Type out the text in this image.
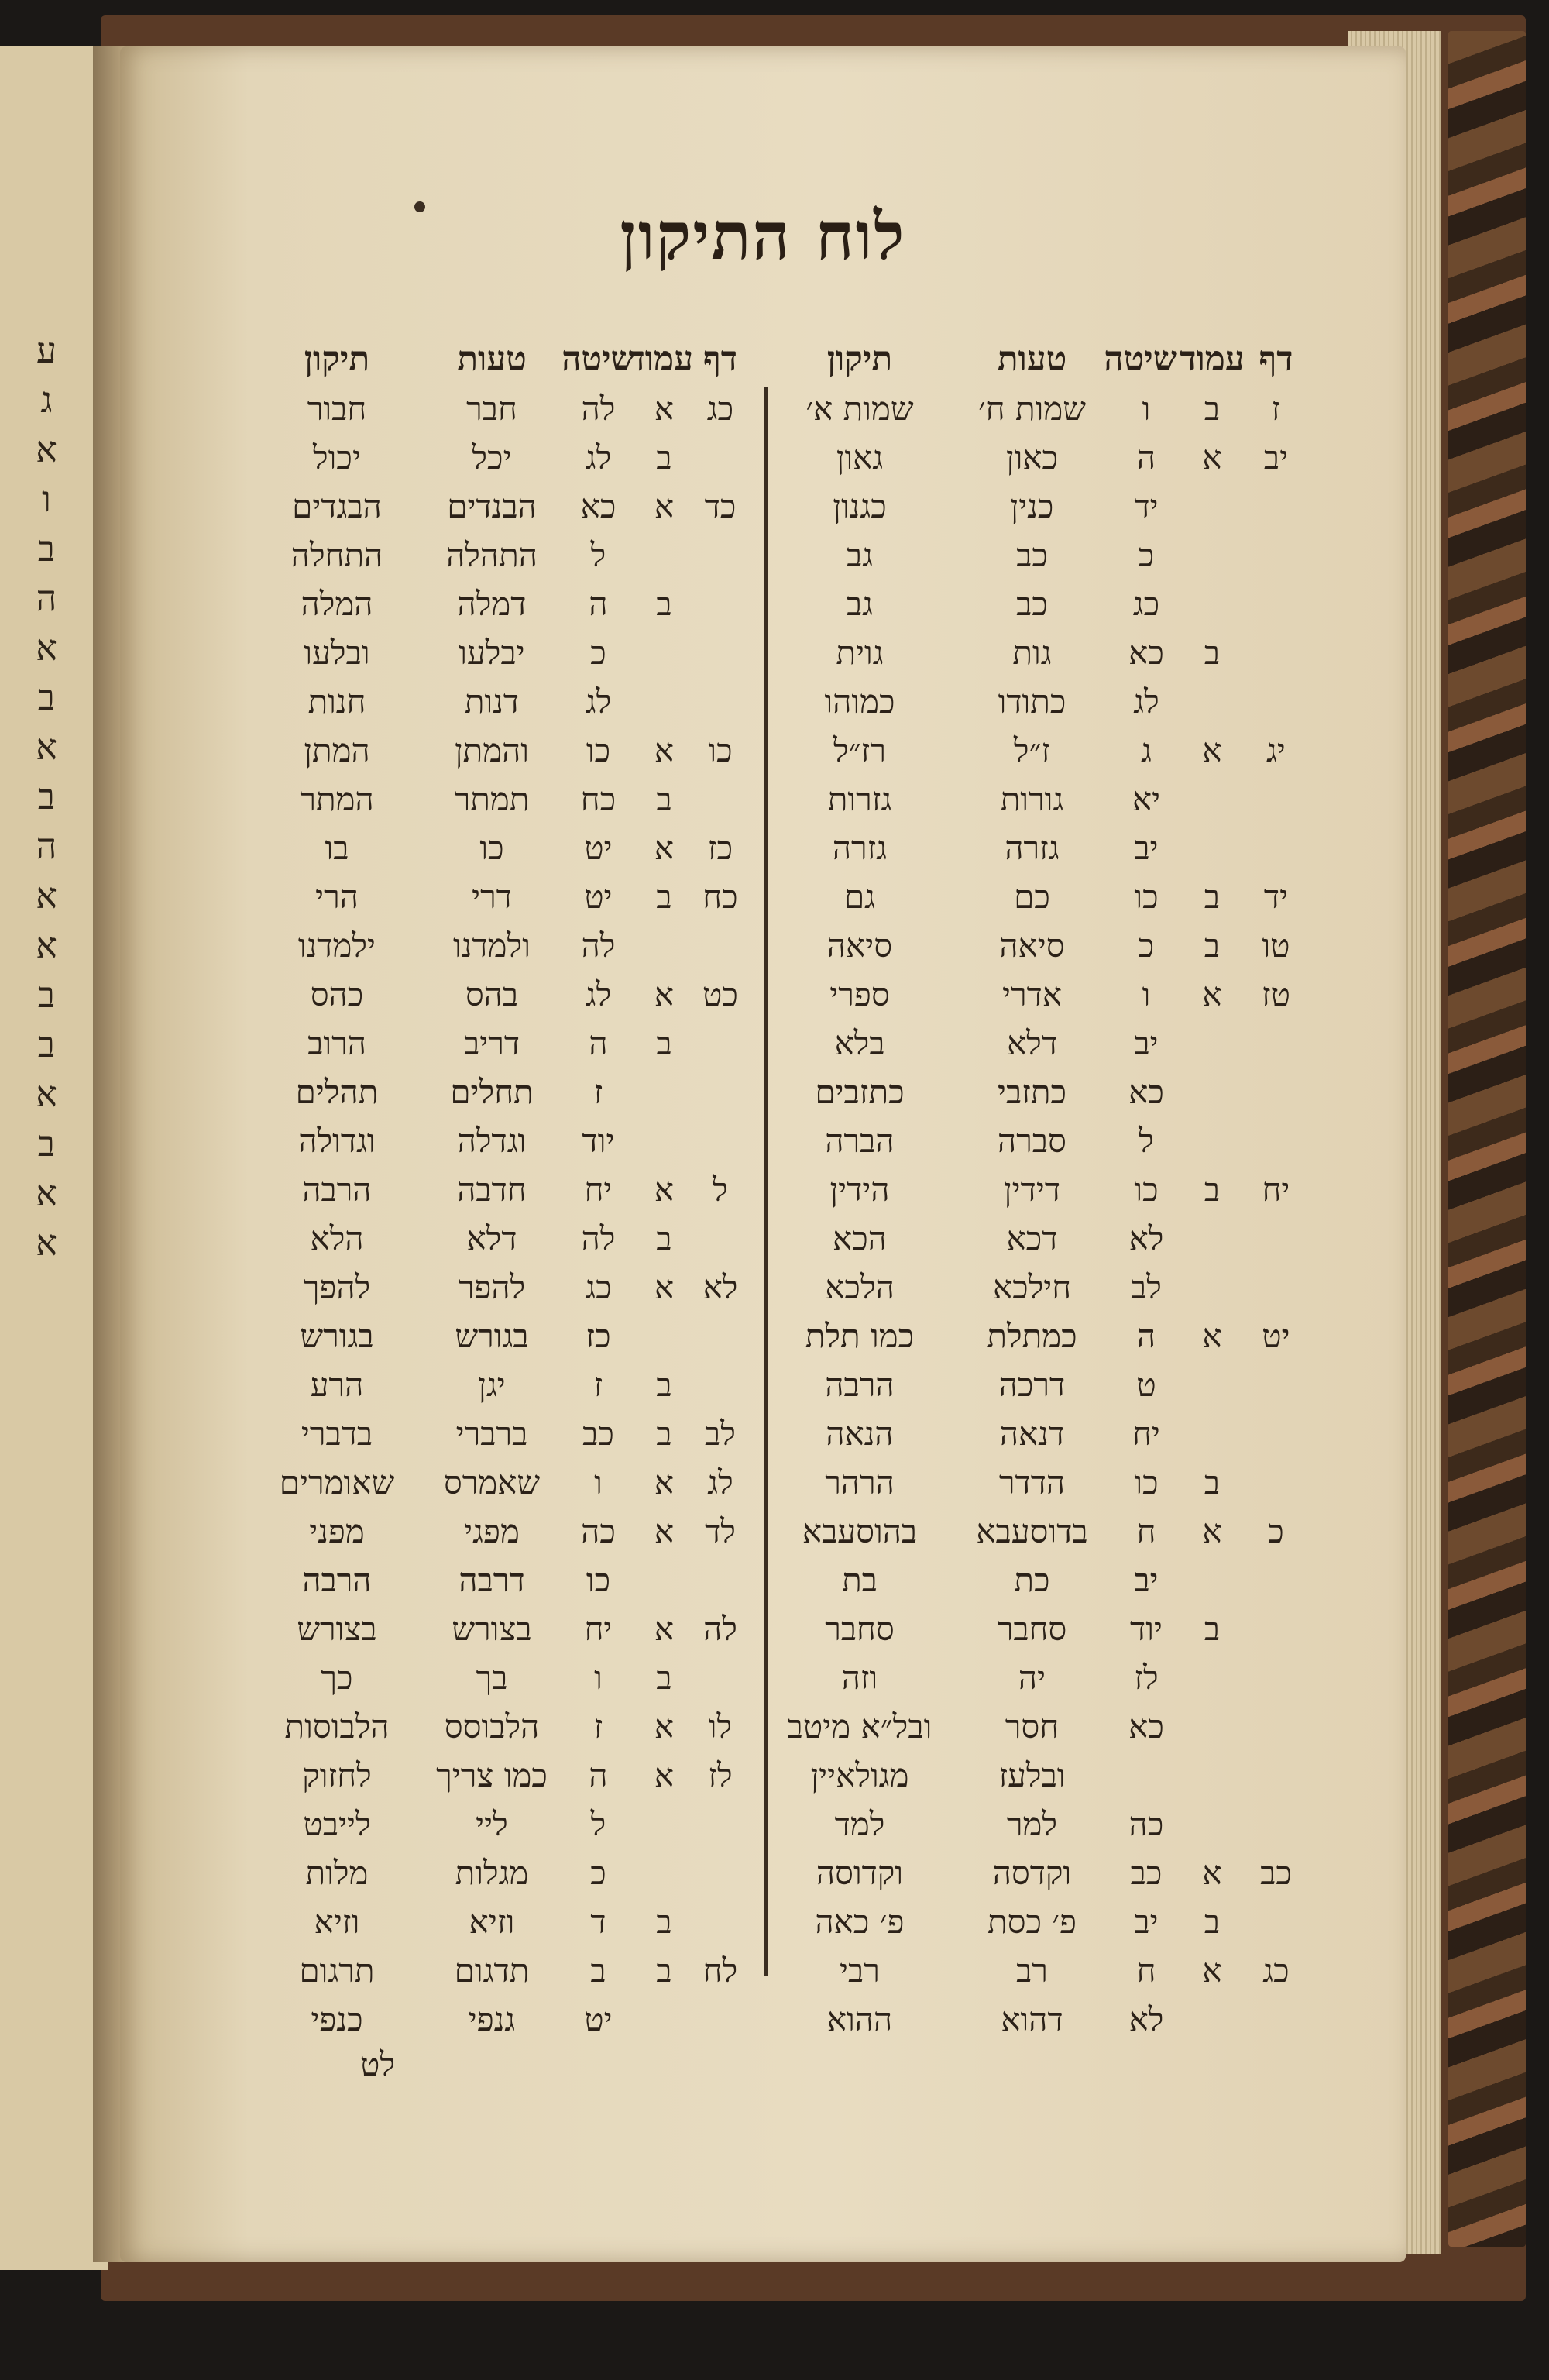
ע
ג
א
ו
ב
ה
א
ב
א
ב
ה
א
א
ב
ב
א
ב
א
א
לוח התיקון
דף
עמוד
שיטה
טעות
תיקון
ז
ב
ו
שמות ח׳
שמות א׳
יב
א
ה
כאון
גאון
יד
כנין
כגנון
כ
כב
גב
כג
כב
גב
ב
כא
גות
גוית
לג
כתודו
כמוהו
יג
א
ג
ז״ל
רז״ל
יא
גורות
גזרות
יב
גזרה
גזרה
יד
ב
כו
כם
גם
טו
ב
כ
סיאה
סיאה
טז
א
ו
אדרי
ספרי
יב
דלא
בלא
כא
כתזבי
כתזבים
ל
סברה
הברה
יח
ב
כו
דידין
הידין
לא
דכא
הכא
לב
חילכא
הלכא
יט
א
ה
כמתלת
כמו תלת
ט
דרכה
הרבה
יח
דנאה
הנאה
ב
כו
הדדר
הרהר
כ
א
ח
בדוסעבא
בהוסעבא
יב
כת
בת
ב
יוד
סחבר
סחבר
לז
יה
וזה
כא
חסר
ובל״א מיטב
ובלעז
מגולאיין
כה
למר
למד
כב
א
כב
וקדסה
וקדוסה
ב
יב
פ׳ כסת
פ׳ כאה
כג
א
ח
רב
רבי
לא
דהוא
ההוא
דף
עמוד
שיטה
טעות
תיקון
כג
א
לה
חבר
חבור
ב
לג
יכל
יכול
כד
א
כא
הבנדים
הבגדים
ל
התהלה
התחלה
ב
ה
דמלה
המלה
כ
יבלעו
ובלעו
לג
דנות
חנות
כו
א
כו
והמתן
המתן
ב
כח
תמתר
המתר
כז
א
יט
כו
בו
כח
ב
יט
דרי
הרי
לה
ולמדנו
ילמדנו
כט
א
לג
בהס
כהס
ב
ה
דריב
הרוב
ז
תחלים
תהלים
יוד
וגדלה
וגדולה
ל
א
יח
חדבה
הרבה
ב
לה
דלא
הלא
לא
א
כג
להפר
להפך
כז
בגורש
בגורש
ב
ז
יגן
הרע
לב
ב
כב
ברברי
בדברי
לג
א
ו
שאמרס
שאומרים
לד
א
כה
מפגי
מפני
כו
דרבה
הרבה
לה
א
יח
בצורש
בצורש
ב
ו
בך
כך
לו
א
ז
הלבוסס
הלבוסות
לז
א
ה
כמו צריך
לחזוק
ל
ליי
לייבט
כ
מגלות
מלות
ב
ד
וזיא
וזיא
לח
ב
ב
תדגום
תרגום
יט
גנפי
כנפי
לט
